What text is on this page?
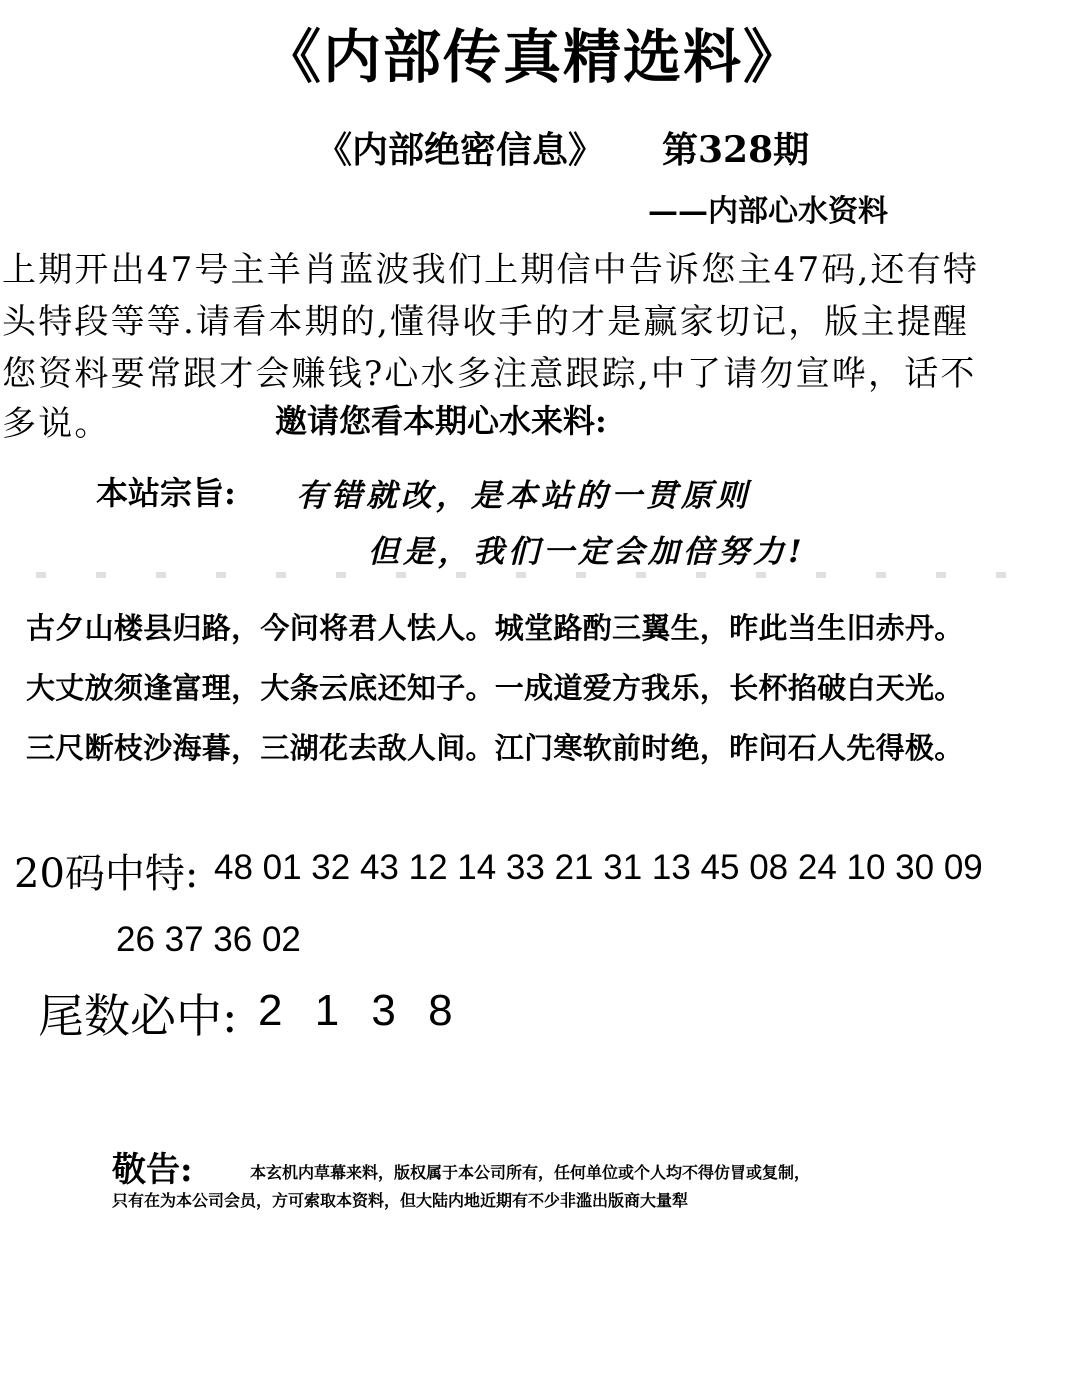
《内部传真精选料》
《内部绝密信息》 第328期
——内部心水资料
上期开出47号主羊肖蓝波我们上期信中告诉您主47码,还有特
头特段等等.请看本期的,懂得收手的才是赢家切记，版主提醒
您资料要常跟才会赚钱?心水多注意跟踪,中了请勿宣哗，话不
多说。	邀请您看本期心水来料:
本站宗旨: 有错就改，是本站的一贯原则
但是，我们一定会加倍努力!
古夕山楼县归路，今问将君人怯人。城堂路酌三翼生，昨此当生旧赤丹。
大丈放须逢富理，大条云底还知子。一成道爱方我乐，长杯掐破白天光。
三尺断枝沙海暮，三湖花去敌人间。江门寒软前时绝，昨问石人先得极。
20码中特: 48 01 32 43 12 14 33 21 31 13 45 08 24 10 30 09
26 37 36 02
尾数必中: 2 1 3 8
敬告:	本玄机内草幕来料，版权属于本公司所有，任何单位或个人均不得仿冒或复制，
只有在为本公司会员，方可索取本资料，但大陆内地近期有不少非滥出版商大量犁
